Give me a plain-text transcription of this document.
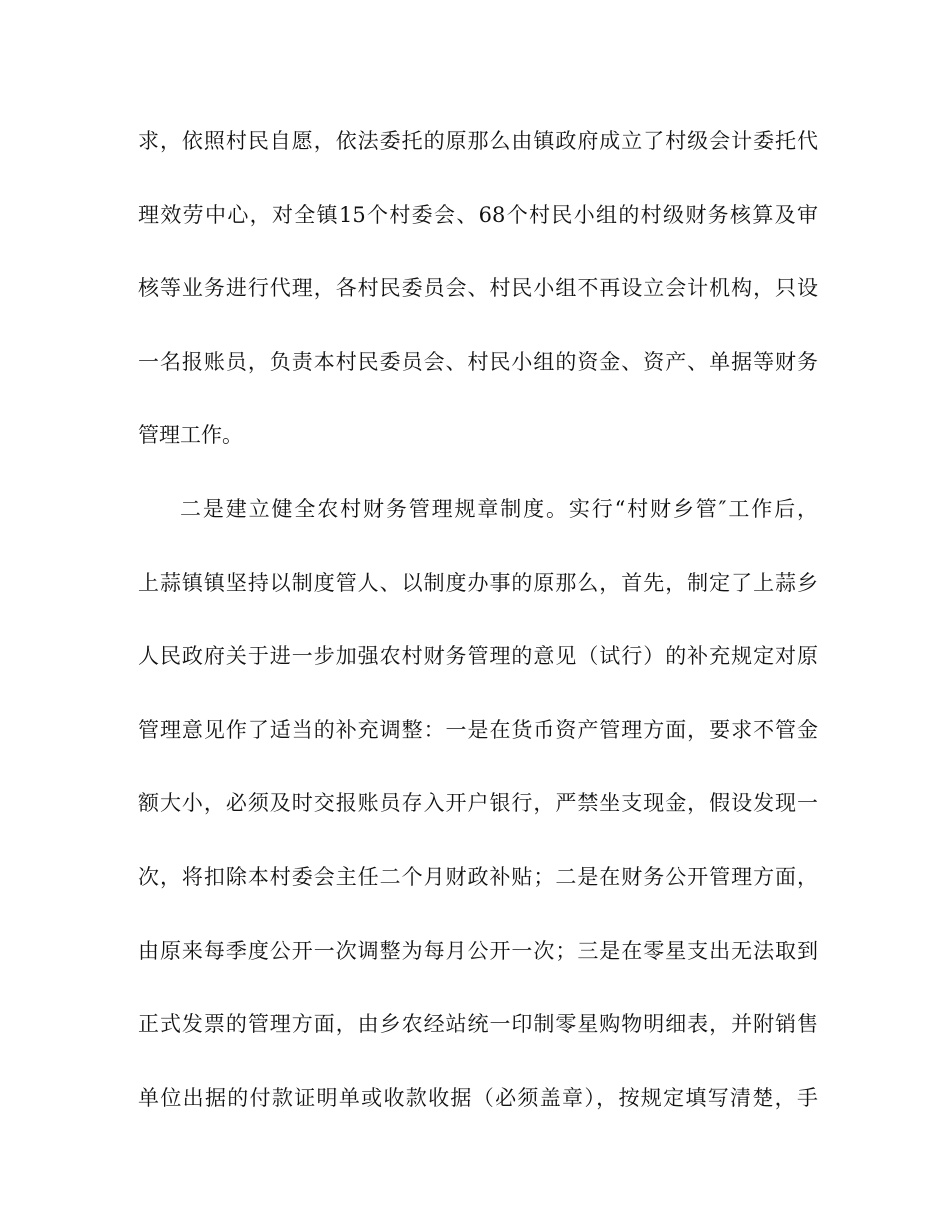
求，依照村民自愿，依法委托的原那么由镇政府成立了村级会计委托代
理效劳中心，对全镇15个村委会、68个村民小组的村级财务核算及审
核等业务进行代理，各村民委员会、村民小组不再设立会计机构，只设
一名报账员，负责本村民委员会、村民小组的资金、资产、单据等财务
管理工作。
二是建立健全农村财务管理规章制度。实行“村财乡管″工作后，
上蒜镇镇坚持以制度管人、以制度办事的原那么，首先，制定了上蒜乡
人民政府关于进一步加强农村财务管理的意见（试行）的补充规定对原
管理意见作了适当的补充调整：一是在货币资产管理方面，要求不管金
额大小，必须及时交报账员存入开户银行，严禁坐支现金，假设发现一
次，将扣除本村委会主任二个月财政补贴；二是在财务公开管理方面，
由原来每季度公开一次调整为每月公开一次；三是在零星支出无法取到
正式发票的管理方面，由乡农经站统一印制零星购物明细表，并附销售
单位出据的付款证明单或收款收据（必须盖章），按规定填写清楚，手
